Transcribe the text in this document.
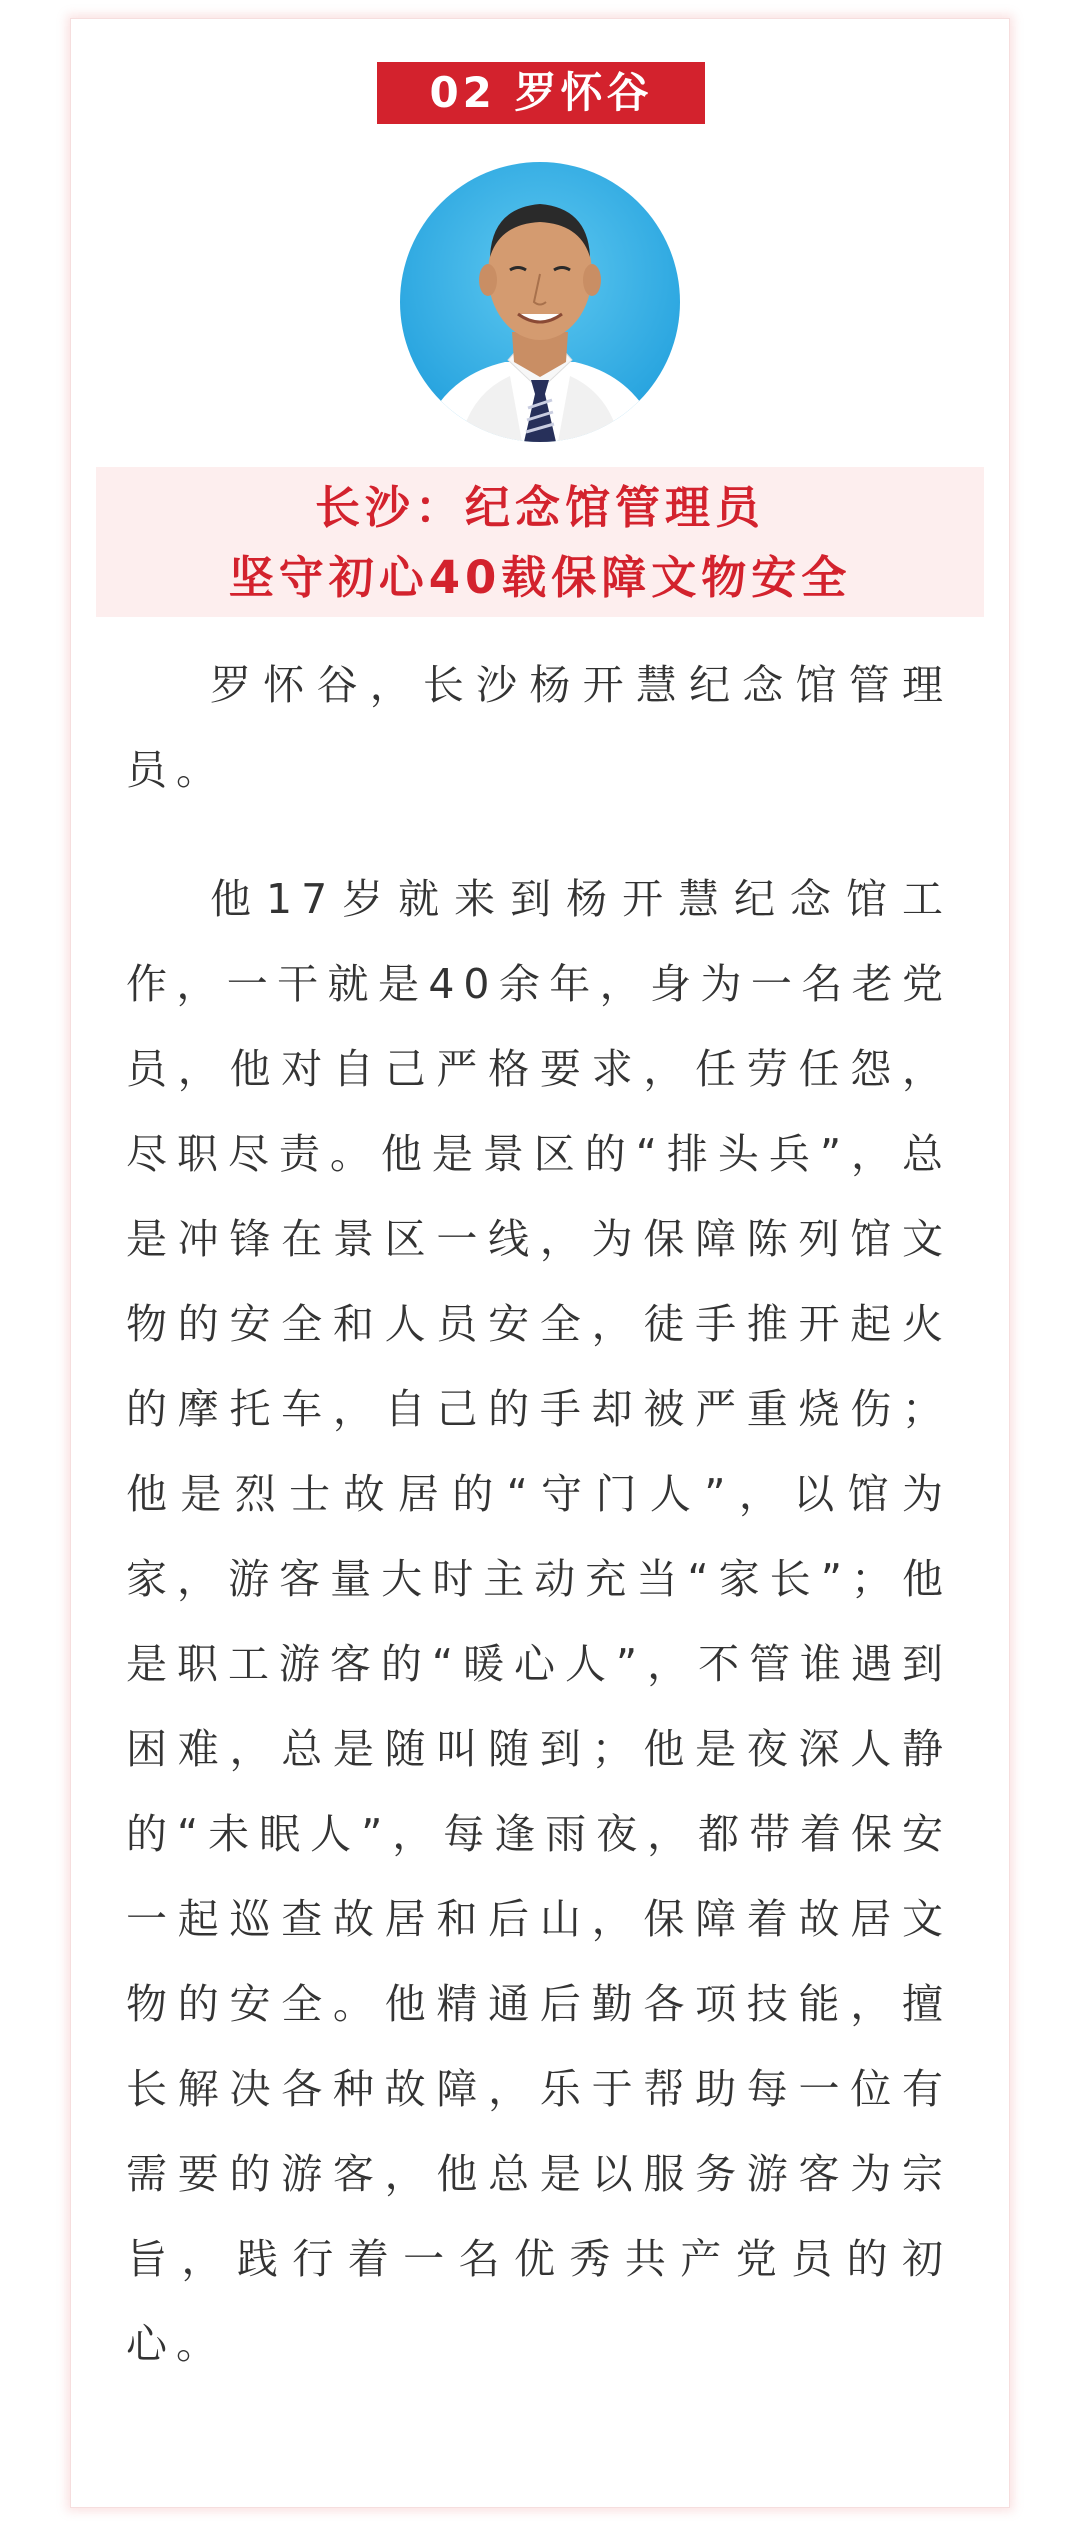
02 罗怀谷
长沙：纪念馆管理员
坚守初心40载保障文物安全

罗怀谷，长沙杨开慧纪念馆管理员。

他17岁就来到杨开慧纪念馆工作，一干就是40余年，身为一名老党员，他对自己严格要求，任劳任怨，尽职尽责。他是景区的“排头兵”，总是冲锋在景区一线，为保障陈列馆文物的安全和人员安全，徒手推开起火的摩托车，自己的手却被严重烧伤；他是烈士故居的“守门人”，以馆为家，游客量大时主动充当“家长”；他是职工游客的“暖心人”，不管谁遇到困难，总是随叫随到；他是夜深人静的“未眠人”，每逢雨夜，都带着保安一起巡查故居和后山，保障着故居文物的安全。他精通后勤各项技能，擅长解决各种故障，乐于帮助每一位有需要的游客，他总是以服务游客为宗旨，践行着一名优秀共产党员的初心。
